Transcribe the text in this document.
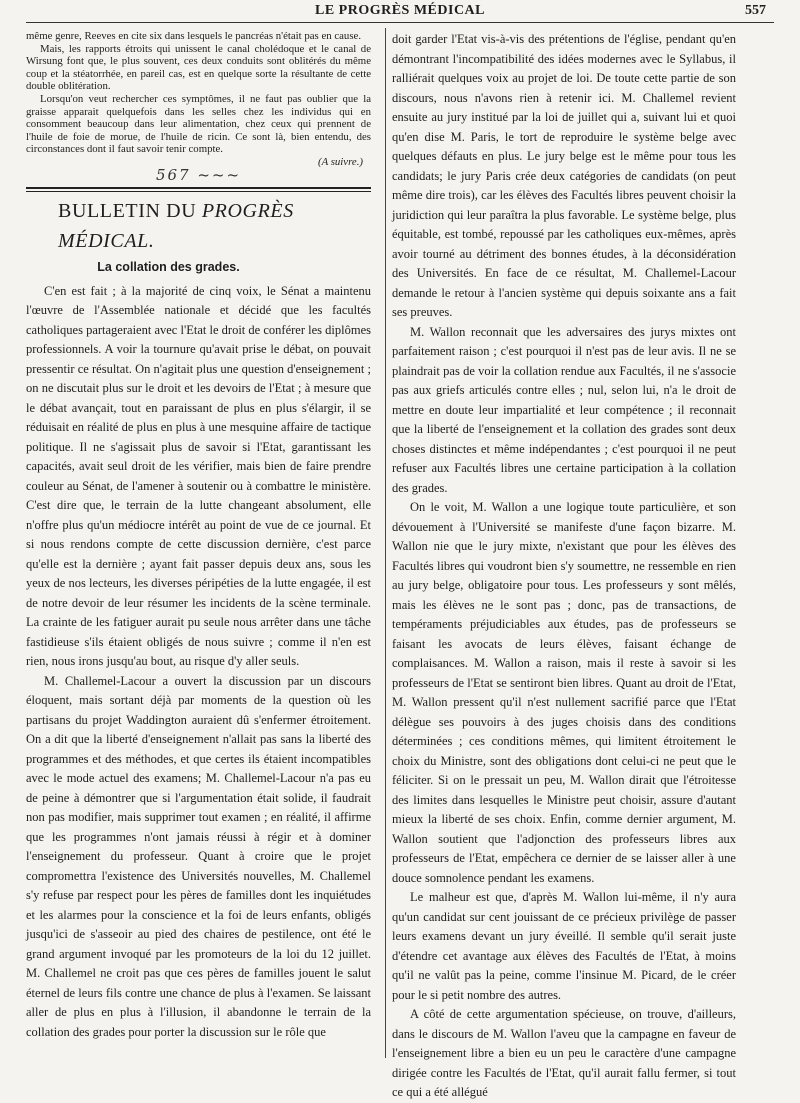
LE PROGRÈS MÉDICAL	557

même genre, Reeves en cite six dans lesquels le pancréas n'était pas en cause.

Mais, les rapports étroits qui unissent le canal cholédoque et le canal de Wirsung font que, le plus souvent, ces deux conduits sont oblitérés du même coup et la stéatorrhée, en pareil cas, est en quelque sorte la résultante de cette double oblitération.

Lorsqu'on veut rechercher ces symptômes, il ne faut pas oublier que la graisse apparait quelquefois dans les selles chez les individus qui en consomment beaucoup dans leur alimentation, chez ceux qui prennent de l'huile de foie de morue, de l'huile de ricin. Ce sont là, bien entendu, des circonstances dont il faut savoir tenir compte.

(A suivre.)
567 ~~~
BULLETIN DU PROGRÈS MÉDICAL.
La collation des grades.

C'en est fait ; à la majorité de cinq voix, le Sénat a maintenu l'œuvre de l'Assemblée nationale et décidé que les facultés catholiques partageraient avec l'Etat le droit de conférer les diplômes professionnels. A voir la tournure qu'avait prise le débat, on pouvait pressentir ce résultat. On n'agitait plus une question d'enseignement ; on ne discutait plus sur le droit et les devoirs de l'Etat ; à mesure que le débat avançait, tout en paraissant de plus en plus s'élargir, il se réduisait en réalité de plus en plus à une mesquine affaire de tactique politique. Il ne s'agissait plus de savoir si l'Etat, garantissant les capacités, avait seul droit de les vérifier, mais bien de faire prendre couleur au Sénat, de l'amener à soutenir ou à combattre le ministère. C'est dire que, le terrain de la lutte changeant absolument, elle n'offre plus qu'un médiocre intérêt au point de vue de ce journal. Et si nous rendons compte de cette discussion dernière, c'est parce qu'elle est la dernière ; ayant fait passer depuis deux ans, sous les yeux de nos lecteurs, les diverses péripéties de la lutte engagée, il est de notre devoir de leur résumer les incidents de la scène terminale. La crainte de les fatiguer aurait pu seule nous arrêter dans une tâche fastidieuse s'ils étaient obligés de nous suivre ; comme il n'en est rien, nous irons jusqu'au bout, au risque d'y aller seuls.

M. Challemel-Lacour a ouvert la discussion par un discours éloquent, mais sortant déjà par moments de la question où les partisans du projet Waddington auraient dû s'enfermer étroitement. On a dit que la liberté d'enseignement n'allait pas sans la liberté des programmes et des méthodes, et que certes ils étaient incompatibles avec le mode actuel des examens; M. Challemel-Lacour n'a pas eu de peine à démontrer que si l'argumentation était solide, il faudrait non pas modifier, mais supprimer tout examen ; en réalité, il affirme que les programmes n'ont jamais réussi à régir et à dominer l'enseignement du professeur. Quant à croire que le projet compromettra l'existence des Universités nouvelles, M. Challemel s'y refuse par respect pour les pères de familles dont les inquiétudes et les alarmes pour la conscience et la foi de leurs enfants, obligés jusqu'ici de s'asseoir au pied des chaires de pestilence, ont été le grand argument invoqué par les promoteurs de la loi du 12 juillet. M. Challemel ne croit pas que ces pères de familles jouent le salut éternel de leurs fils contre une chance de plus à l'examen. Se laissant aller de plus en plus à l'illusion, il abandonne le terrain de la collation des grades pour porter la discussion sur le rôle que

doit garder l'Etat vis-à-vis des prétentions de l'église, pendant qu'en démontrant l'incompatibilité des idées modernes avec le Syllabus, il ralliérait quelques voix au projet de loi. De toute cette partie de son discours, nous n'avons rien à retenir ici. M. Challemel revient ensuite au jury institué par la loi de juillet qui a, suivant lui et quoi qu'en dise M. Paris, le tort de reproduire le système belge avec quelques défauts en plus. Le jury belge est le même pour tous les candidats; le jury Paris crée deux catégories de candidats (on peut même dire trois), car les élèves des Facultés libres peuvent choisir la juridiction qui leur paraîtra la plus favorable. Le système belge, plus équitable, est tombé, repoussé par les catholiques eux-mêmes, après avoir tourné au détriment des bonnes études, à la déconsidération des Universités. En face de ce résultat, M. Challemel-Lacour demande le retour à l'ancien système qui depuis soixante ans a fait ses preuves.

M. Wallon reconnait que les adversaires des jurys mixtes ont parfaitement raison ; c'est pourquoi il n'est pas de leur avis. Il ne se plaindrait pas de voir la collation rendue aux Facultés, il ne s'associe pas aux griefs articulés contre elles ; nul, selon lui, n'a le droit de mettre en doute leur impartialité et leur compétence ; il reconnait que la liberté de l'enseignement et la collation des grades sont deux choses distinctes et même indépendantes ; c'est pourquoi il ne peut refuser aux Facultés libres une certaine participation à la collation des grades.

On le voit, M. Wallon a une logique toute particulière, et son dévouement à l'Université se manifeste d'une façon bizarre. M. Wallon nie que le jury mixte, n'existant que pour les élèves des Facultés libres qui voudront bien s'y soumettre, ne ressemble en rien au jury belge, obligatoire pour tous. Les professeurs y sont mêlés, mais les élèves ne le sont pas ; donc, pas de transactions, de tempéraments préjudiciables aux études, pas de professeurs se faisant les avocats de leurs élèves, faisant échange de complaisances. M. Wallon a raison, mais il reste à savoir si les professeurs de l'Etat se sentiront bien libres. Quant au droit de l'Etat, M. Wallon pressent qu'il n'est nullement sacrifié parce que l'Etat délègue ses pouvoirs à des juges choisis dans des conditions déterminées ; ces conditions mêmes, qui limitent étroitement le choix du Ministre, sont des obligations dont celui-ci ne peut que le féliciter. Si on le pressait un peu, M. Wallon dirait que l'étroitesse des limites dans lesquelles le Ministre peut choisir, assure d'autant mieux la liberté de ses choix. Enfin, comme dernier argument, M. Wallon soutient que l'adjonction des professeurs libres aux professeurs de l'Etat, empêchera ce dernier de se laisser aller à une douce somnolence pendant les examens.

Le malheur est que, d'après M. Wallon lui-même, il n'y aura qu'un candidat sur cent jouissant de ce précieux privilège de passer leurs examens devant un jury éveillé. Il semble qu'il serait juste d'étendre cet avantage aux élèves des Facultés de l'Etat, à moins qu'il ne valût pas la peine, comme l'insinue M. Picard, de le créer pour le si petit nombre des autres.

A côté de cette argumentation spécieuse, on trouve, d'ailleurs, dans le discours de M. Wallon l'aveu que la campagne en faveur de l'enseignement libre a bien eu un peu le caractère d'une campagne dirigée contre les Facultés de l'Etat, qu'il aurait fallu fermer, si tout ce qui a été allégué
